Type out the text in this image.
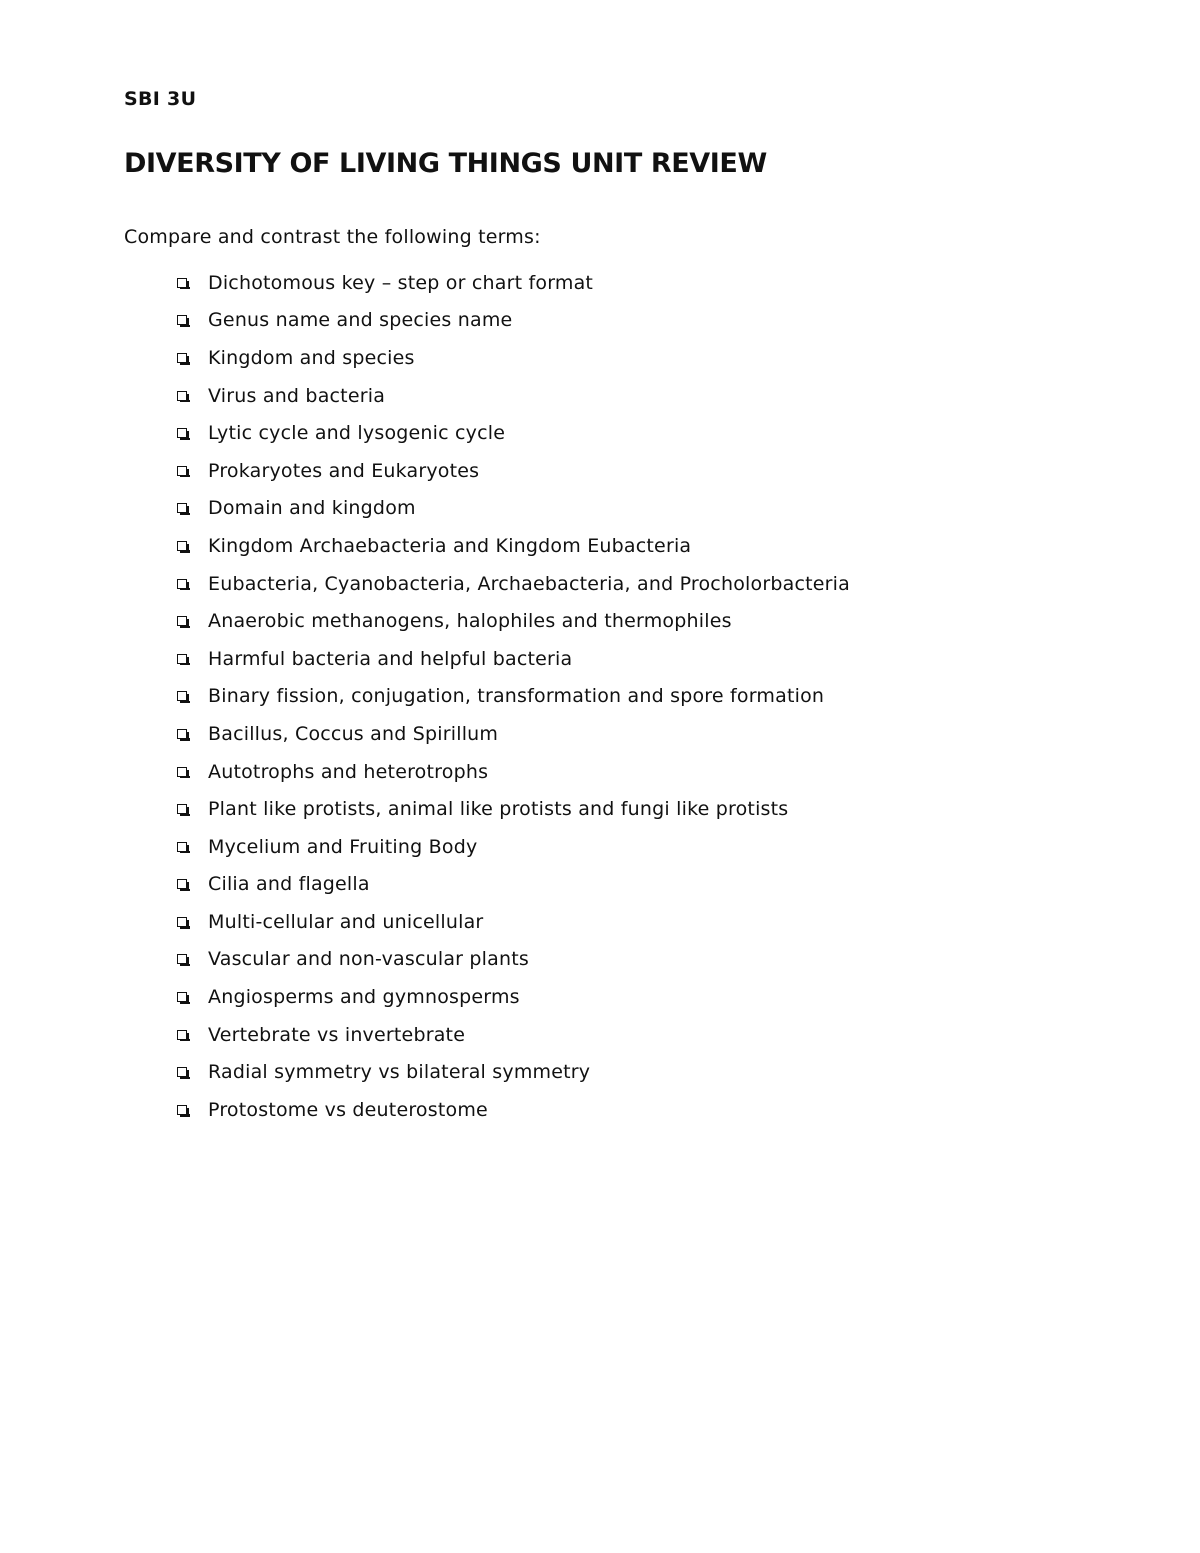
SBI 3U
DIVERSITY OF LIVING THINGS UNIT REVIEW
Compare and contrast the following terms:
Dichotomous key – step or chart format
Genus name and species name
Kingdom and species
Virus and bacteria
Lytic cycle and lysogenic cycle
Prokaryotes and Eukaryotes
Domain and kingdom
Kingdom Archaebacteria and Kingdom Eubacteria
Eubacteria, Cyanobacteria, Archaebacteria, and Procholorbacteria
Anaerobic methanogens, halophiles and thermophiles
Harmful bacteria and helpful bacteria
Binary fission, conjugation, transformation and spore formation
Bacillus, Coccus and Spirillum
Autotrophs and heterotrophs
Plant like protists, animal like protists and fungi like protists
Mycelium and Fruiting Body
Cilia and flagella
Multi-cellular and unicellular
Vascular and non-vascular plants
Angiosperms and gymnosperms
Vertebrate vs invertebrate
Radial symmetry vs bilateral symmetry
Protostome vs deuterostome
